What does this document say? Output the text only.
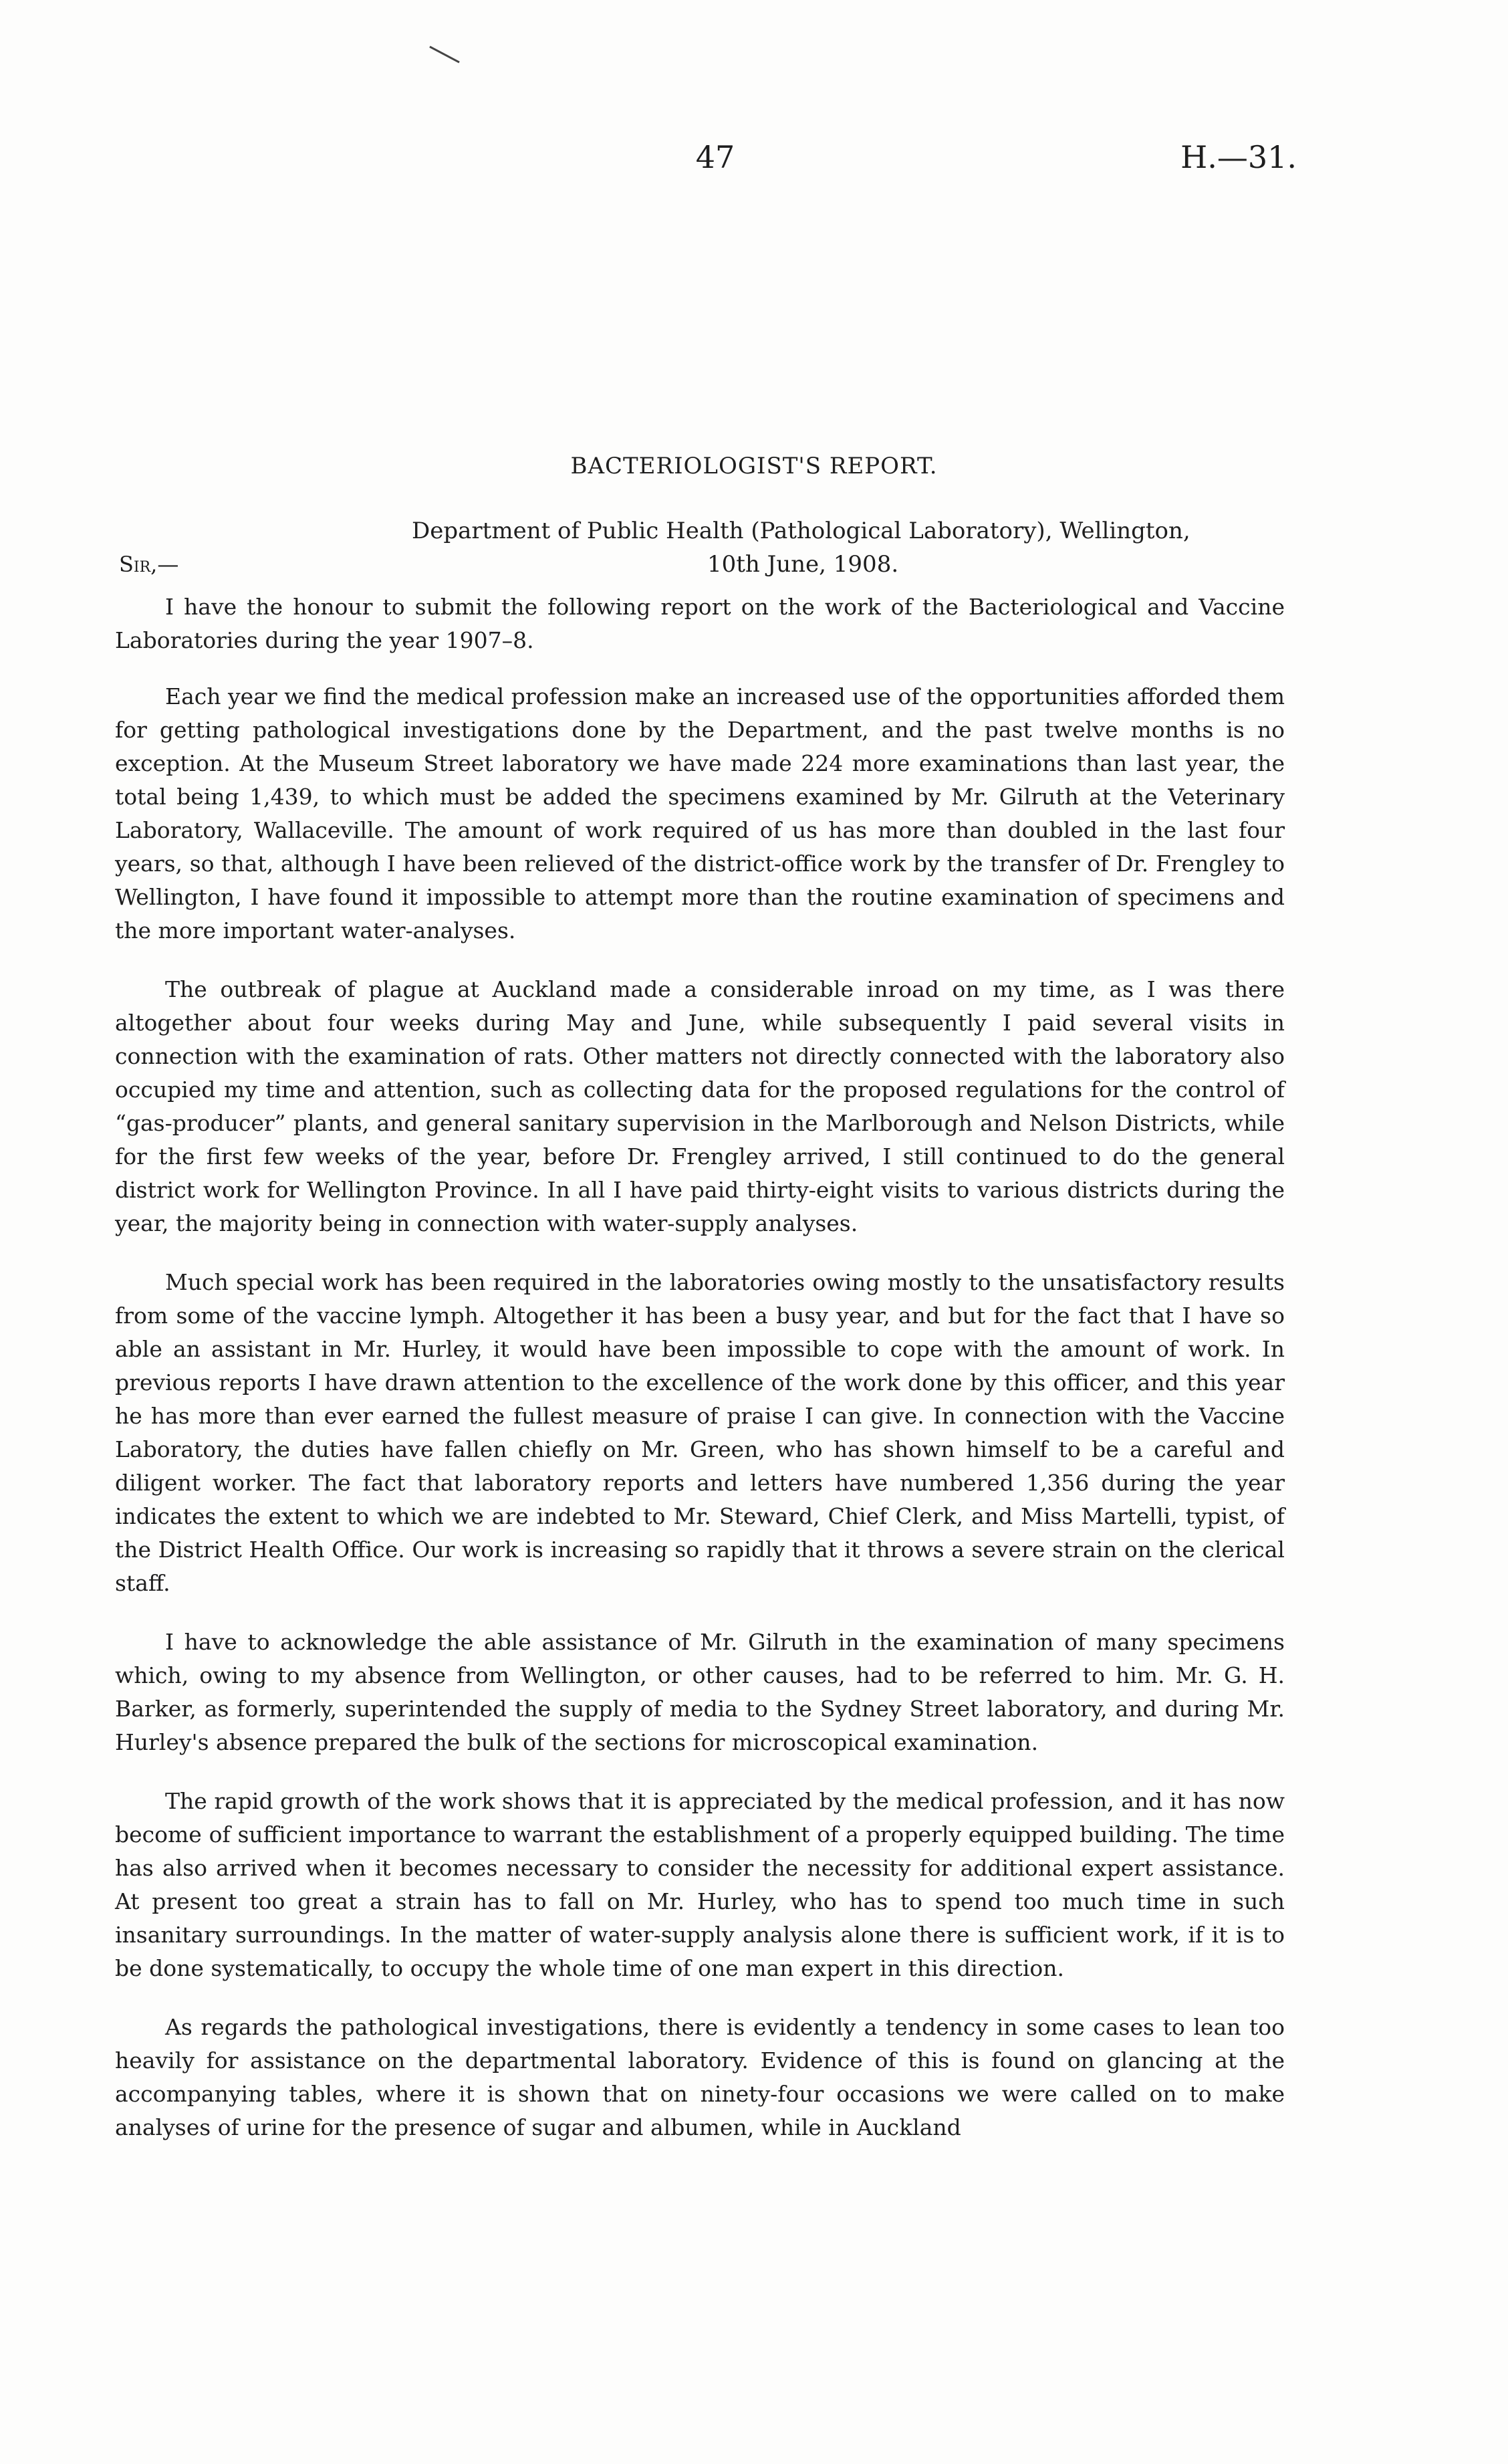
47	H.—31.
BACTERIOLOGIST'S REPORT.
Department of Public Health (Pathological Laboratory), Wellington,
Sir,—	10th June, 1908.

I have the honour to submit the following report on the work of the Bacteriological and Vaccine Laboratories during the year 1907–8.

Each year we find the medical profession make an increased use of the opportunities afforded them for getting pathological investigations done by the Department, and the past twelve months is no exception. At the Museum Street laboratory we have made 224 more examinations than last year, the total being 1,439, to which must be added the specimens examined by Mr. Gilruth at the Veterinary Laboratory, Wallaceville. The amount of work required of us has more than doubled in the last four years, so that, although I have been relieved of the district-office work by the transfer of Dr. Frengley to Wellington, I have found it impossible to attempt more than the routine examination of specimens and the more important water-analyses.

The outbreak of plague at Auckland made a considerable inroad on my time, as I was there altogether about four weeks during May and June, while subsequently I paid several visits in connection with the examination of rats. Other matters not directly connected with the laboratory also occupied my time and attention, such as collecting data for the proposed regulations for the control of “gas-producer” plants, and general sanitary supervision in the Marlborough and Nelson Districts, while for the first few weeks of the year, before Dr. Frengley arrived, I still continued to do the general district work for Wellington Province. In all I have paid thirty-eight visits to various districts during the year, the majority being in connection with water-supply analyses.

Much special work has been required in the laboratories owing mostly to the unsatisfactory results from some of the vaccine lymph. Altogether it has been a busy year, and but for the fact that I have so able an assistant in Mr. Hurley, it would have been impossible to cope with the amount of work. In previous reports I have drawn attention to the excellence of the work done by this officer, and this year he has more than ever earned the fullest measure of praise I can give. In connection with the Vaccine Laboratory, the duties have fallen chiefly on Mr. Green, who has shown himself to be a careful and diligent worker. The fact that laboratory reports and letters have numbered 1,356 during the year indicates the extent to which we are indebted to Mr. Steward, Chief Clerk, and Miss Martelli, typist, of the District Health Office. Our work is increasing so rapidly that it throws a severe strain on the clerical staff.

I have to acknowledge the able assistance of Mr. Gilruth in the examination of many specimens which, owing to my absence from Wellington, or other causes, had to be referred to him. Mr. G. H. Barker, as formerly, superintended the supply of media to the Sydney Street laboratory, and during Mr. Hurley's absence prepared the bulk of the sections for microscopical examination.

The rapid growth of the work shows that it is appreciated by the medical profession, and it has now become of sufficient importance to warrant the establishment of a properly equipped building. The time has also arrived when it becomes necessary to consider the necessity for additional expert assistance. At present too great a strain has to fall on Mr. Hurley, who has to spend too much time in such insanitary surroundings. In the matter of water-supply analysis alone there is sufficient work, if it is to be done systematically, to occupy the whole time of one man expert in this direction.

As regards the pathological investigations, there is evidently a tendency in some cases to lean too heavily for assistance on the departmental laboratory. Evidence of this is found on glancing at the accompanying tables, where it is shown that on ninety-four occasions we were called on to make analyses of urine for the presence of sugar and albumen, while in Auckland
